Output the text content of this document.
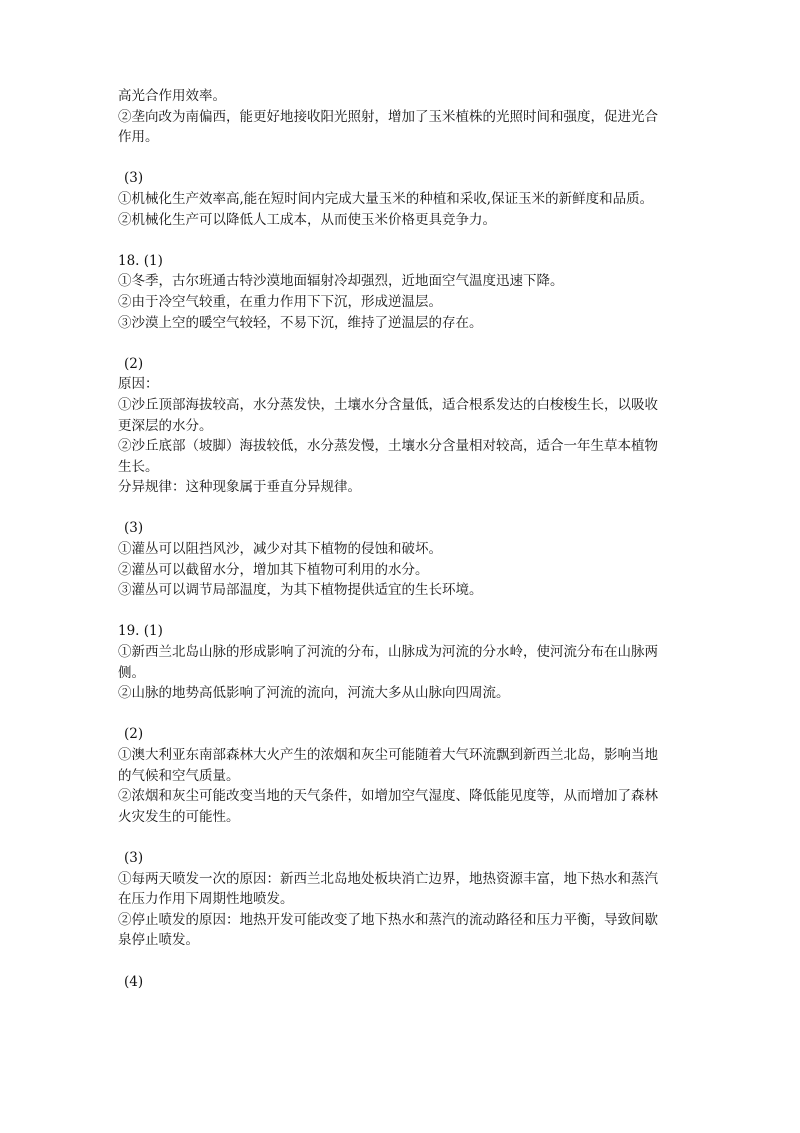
高光合作用效率。
②垄向改为南偏西，能更好地接收阳光照射，增加了玉米植株的光照时间和强度，促进光合
作用。
(3)
①机械化生产效率高,能在短时间内完成大量玉米的种植和采收,保证玉米的新鲜度和品质。
②机械化生产可以降低人工成本，从而使玉米价格更具竞争力。
18. (1)
①冬季，古尔班通古特沙漠地面辐射冷却强烈，近地面空气温度迅速下降。
②由于冷空气较重，在重力作用下下沉，形成逆温层。
③沙漠上空的暖空气较轻，不易下沉，维持了逆温层的存在。
(2)
原因：
①沙丘顶部海拔较高，水分蒸发快，土壤水分含量低，适合根系发达的白梭梭生长，以吸收
更深层的水分。
②沙丘底部（坡脚）海拔较低，水分蒸发慢，土壤水分含量相对较高，适合一年生草本植物
生长。
分异规律：这种现象属于垂直分异规律。
(3)
①灌丛可以阻挡风沙，减少对其下植物的侵蚀和破坏。
②灌丛可以截留水分，增加其下植物可利用的水分。
③灌丛可以调节局部温度，为其下植物提供适宜的生长环境。
19. (1)
①新西兰北岛山脉的形成影响了河流的分布，山脉成为河流的分水岭，使河流分布在山脉两
侧。
②山脉的地势高低影响了河流的流向，河流大多从山脉向四周流。
(2)
①澳大利亚东南部森林大火产生的浓烟和灰尘可能随着大气环流飘到新西兰北岛，影响当地
的气候和空气质量。
②浓烟和灰尘可能改变当地的天气条件，如增加空气湿度、降低能见度等，从而增加了森林
火灾发生的可能性。
(3)
①每两天喷发一次的原因：新西兰北岛地处板块消亡边界，地热资源丰富，地下热水和蒸汽
在压力作用下周期性地喷发。
②停止喷发的原因：地热开发可能改变了地下热水和蒸汽的流动路径和压力平衡，导致间歇
泉停止喷发。
(4)
